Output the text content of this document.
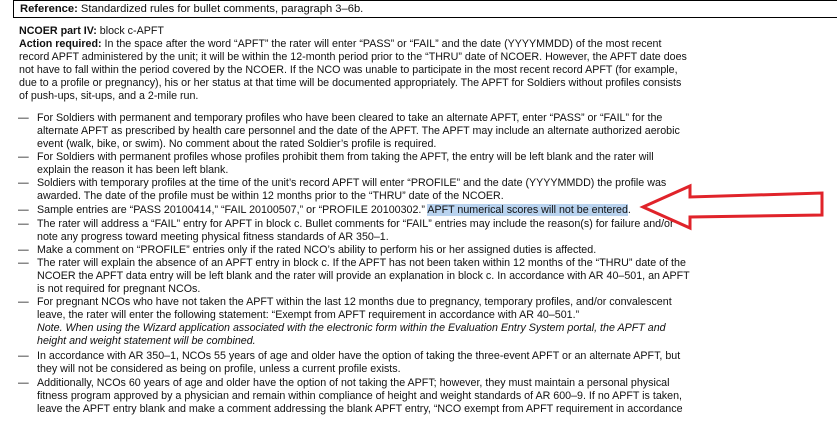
Reference: Standardized rules for bullet comments, paragraph 3–6b.
NCOER part IV: block c-APFT
Action required: In the space after the word “APFT” the rater will enter “PASS” or “FAIL” and the date (YYYYMMDD) of the most recent
record APFT administered by the unit; it will be within the 12-month period prior to the “THRU” date of NCOER. However, the APFT date does
not have to fall within the period covered by the NCOER. If the NCO was unable to participate in the most recent record APFT (for example,
due to a profile or pregnancy), his or her status at that time will be documented appropriately. The APFT for Soldiers without profiles consists
of push-ups, sit-ups, and a 2-mile run.
— For Soldiers with permanent and temporary profiles who have been cleared to take an alternate APFT, enter “PASS” or “FAIL” for the
alternate APFT as prescribed by health care personnel and the date of the APFT. The APFT may include an alternate authorized aerobic
event (walk, bike, or swim). No comment about the rated Soldier’s profile is required.
— For Soldiers with permanent profiles whose profiles prohibit them from taking the APFT, the entry will be left blank and the rater will
explain the reason it has been left blank.
— Soldiers with temporary profiles at the time of the unit’s record APFT will enter “PROFILE” and the date (YYYYMMDD) the profile was
awarded. The date of the profile must be within 12 months prior to the “THRU” date of the NCOER.
— Sample entries are “PASS 20100414,” “FAIL 20100507,” or “PROFILE 20100302.” APFT numerical scores will not be entered.
— The rater will address a “FAIL” entry for APFT in block c. Bullet comments for “FAIL” entries may include the reason(s) for failure and/or
note any progress toward meeting physical fitness standards of AR 350–1.
— Make a comment on “PROFILE” entries only if the rated NCO’s ability to perform his or her assigned duties is affected.
— The rater will explain the absence of an APFT entry in block c. If the APFT has not been taken within 12 months of the “THRU” date of the
NCOER the APFT data entry will be left blank and the rater will provide an explanation in block c. In accordance with AR 40–501, an APFT
is not required for pregnant NCOs.
— For pregnant NCOs who have not taken the APFT within the last 12 months due to pregnancy, temporary profiles, and/or convalescent
leave, the rater will enter the following statement: “Exempt from APFT requirement in accordance with AR 40–501.”
Note. When using the Wizard application associated with the electronic form within the Evaluation Entry System portal, the APFT and
height and weight statement will be combined.
— In accordance with AR 350–1, NCOs 55 years of age and older have the option of taking the three-event APFT or an alternate APFT, but
they will not be considered as being on profile, unless a current profile exists.
— Additionally, NCOs 60 years of age and older have the option of not taking the APFT; however, they must maintain a personal physical
fitness program approved by a physician and remain within compliance of height and weight standards of AR 600–9. If no APFT is taken,
leave the APFT entry blank and make a comment addressing the blank APFT entry, “NCO exempt from APFT requirement in accordance
